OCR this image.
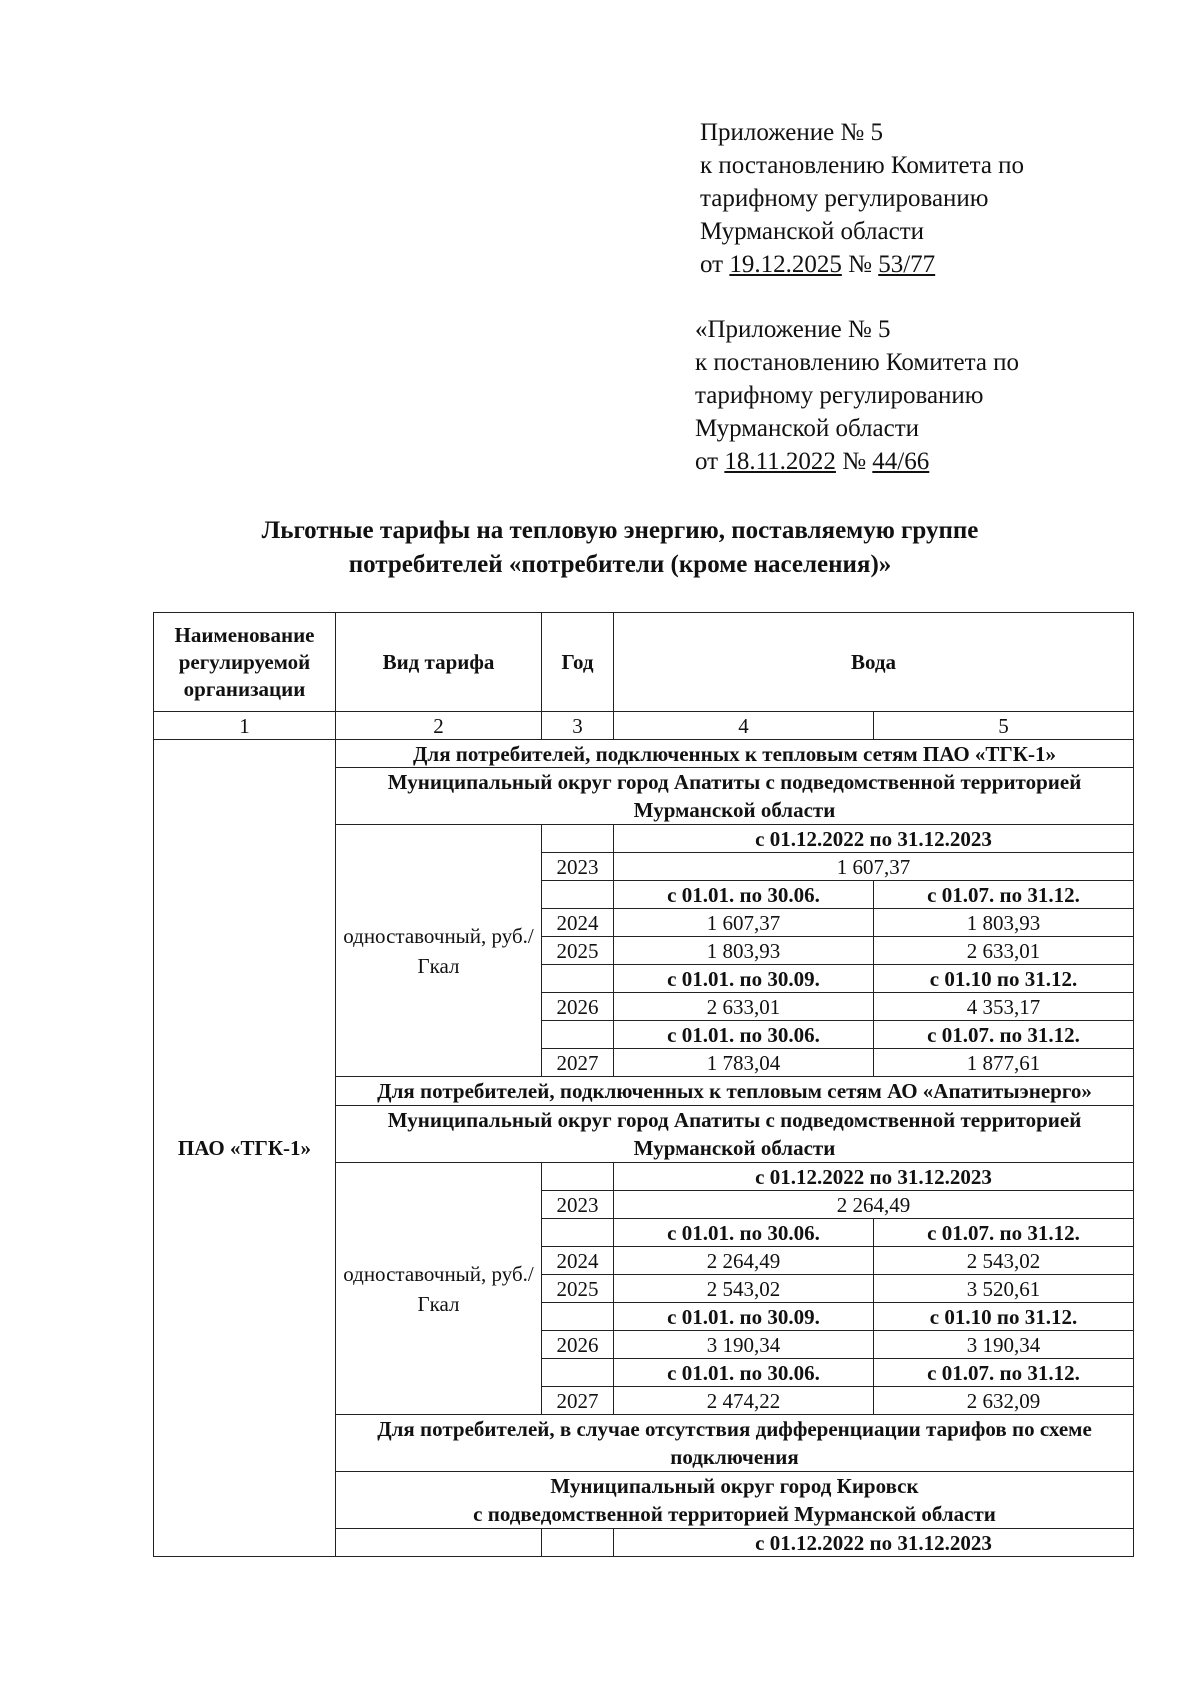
Приложение № 5
к постановлению Комитета по
тарифному регулированию
Мурманской области
от 19.12.2025 № 53/77
«Приложение № 5
к постановлению Комитета по
тарифному регулированию
Мурманской области
от 18.11.2022 № 44/66
Льготные тарифы на тепловую энергию, поставляемую группе
потребителей «потребители (кроме населения)»
Наименование регулируемой организации	Вид тарифа	Год	Вода	
1	2	3	4	5
ПАО «ТГК-1»	Для потребителей, подключенных к тепловым сетям ПАО «ТГК-1»			
	Муниципальный округ город Апатиты с подведомственной территорией Мурманской области			
	одноставочный, руб./Гкал		с 01.12.2022 по 31.12.2023	
		2023	1 607,37	
			с 01.01. по 30.06.	с 01.07. по 31.12.
		2024	1 607,37	1 803,93
		2025	1 803,93	2 633,01
			с 01.01. по 30.09.	с 01.10 по 31.12.
		2026	2 633,01	4 353,17
			с 01.01. по 30.06.	с 01.07. по 31.12.
		2027	1 783,04	1 877,61
	Для потребителей, подключенных к тепловым сетям АО «Апатитыэнерго»			
	Муниципальный округ город Апатиты с подведомственной территорией Мурманской области			
	одноставочный, руб./Гкал		с 01.12.2022 по 31.12.2023	
		2023	2 264,49	
			с 01.01. по 30.06.	с 01.07. по 31.12.
		2024	2 264,49	2 543,02
		2025	2 543,02	3 520,61
			с 01.01. по 30.09.	с 01.10 по 31.12.
		2026	3 190,34	3 190,34
			с 01.01. по 30.06.	с 01.07. по 31.12.
		2027	2 474,22	2 632,09
	Для потребителей, в случае отсутствия дифференциации тарифов по схеме подключения			

	Муниципальный округ город Кировск
с подведомственной территорией Мурманской области			

			с 01.12.2022 по 31.12.2023	
